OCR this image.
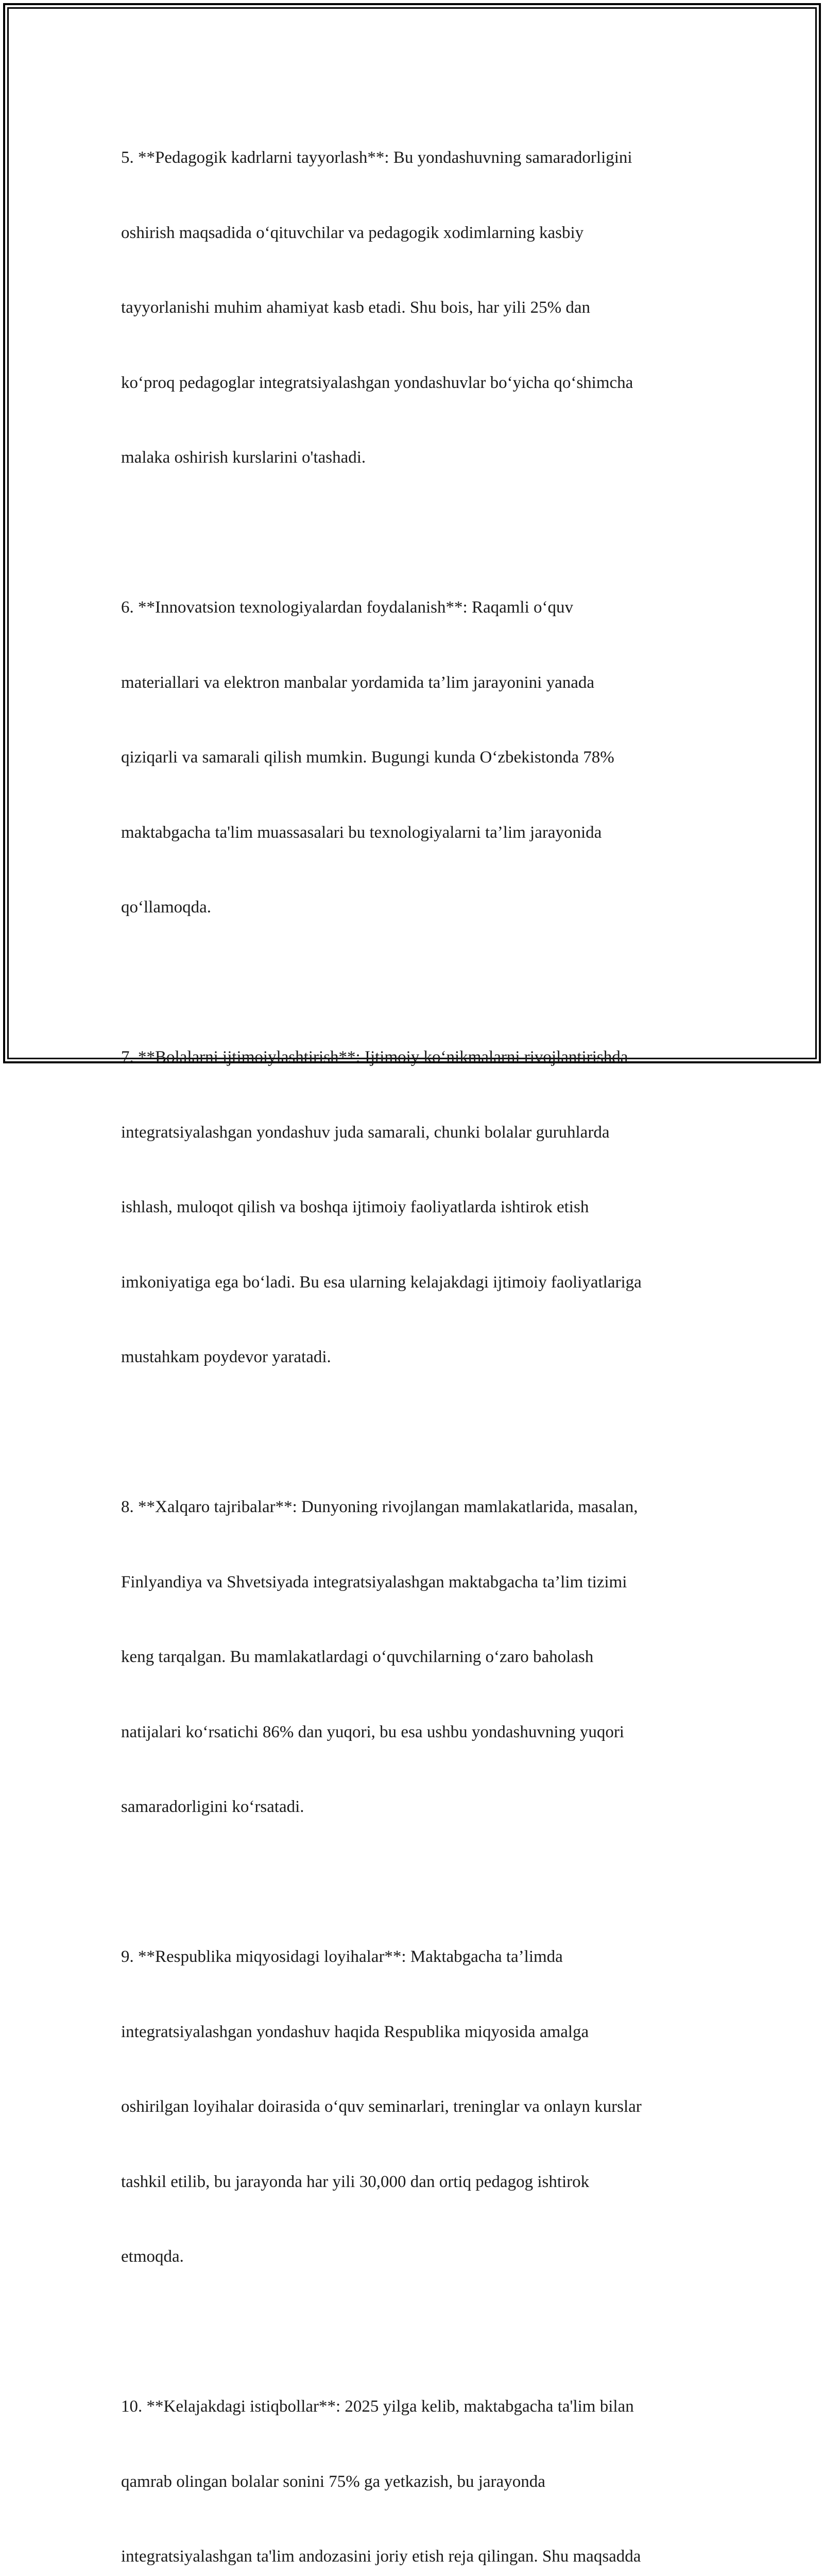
5. **Pedagogik kadrlarni tayyorlash**: Bu yondashuvning samaradorligini

oshirish maqsadida o‘qituvchilar va pedagogik xodimlarning kasbiy

tayyorlanishi muhim ahamiyat kasb etadi. Shu bois, har yili 25% dan

ko‘proq pedagoglar integratsiyalashgan yondashuvlar bo‘yicha qo‘shimcha

malaka oshirish kurslarini o'tashadi.

6. **Innovatsion texnologiyalardan foydalanish**: Raqamli o‘quv

materiallari va elektron manbalar yordamida ta’lim jarayonini yanada

qiziqarli va samarali qilish mumkin. Bugungi kunda O‘zbekistonda 78%

maktabgacha ta'lim muassasalari bu texnologiyalarni ta’lim jarayonida

qo‘llamoqda.

7. **Bolalarni ijtimoiylashtirish**: Ijtimoiy ko‘nikmalarni rivojlantirishda

integratsiyalashgan yondashuv juda samarali, chunki bolalar guruhlarda

ishlash, muloqot qilish va boshqa ijtimoiy faoliyatlarda ishtirok etish

imkoniyatiga ega bo‘ladi. Bu esa ularning kelajakdagi ijtimoiy faoliyatlariga

mustahkam poydevor yaratadi.

8. **Xalqaro tajribalar**: Dunyoning rivojlangan mamlakatlarida, masalan,

Finlyandiya va Shvetsiyada integratsiyalashgan maktabgacha ta’lim tizimi

keng tarqalgan. Bu mamlakatlardagi o‘quvchilarning o‘zaro baholash

natijalari ko‘rsatichi 86% dan yuqori, bu esa ushbu yondashuvning yuqori

samaradorligini ko‘rsatadi.

9. **Respublika miqyosidagi loyihalar**: Maktabgacha ta’limda

integratsiyalashgan yondashuv haqida Respublika miqyosida amalga

oshirilgan loyihalar doirasida o‘quv seminarlari, treninglar va onlayn kurslar

tashkil etilib, bu jarayonda har yili 30,000 dan ortiq pedagog ishtirok

etmoqda.

10. **Kelajakdagi istiqbollar**: 2025 yilga kelib, maktabgacha ta'lim bilan

qamrab olingan bolalar sonini 75% ga yetkazish, bu jarayonda

integratsiyalashgan ta'lim andozasini joriy etish reja qilingan. Shu maqsadda
